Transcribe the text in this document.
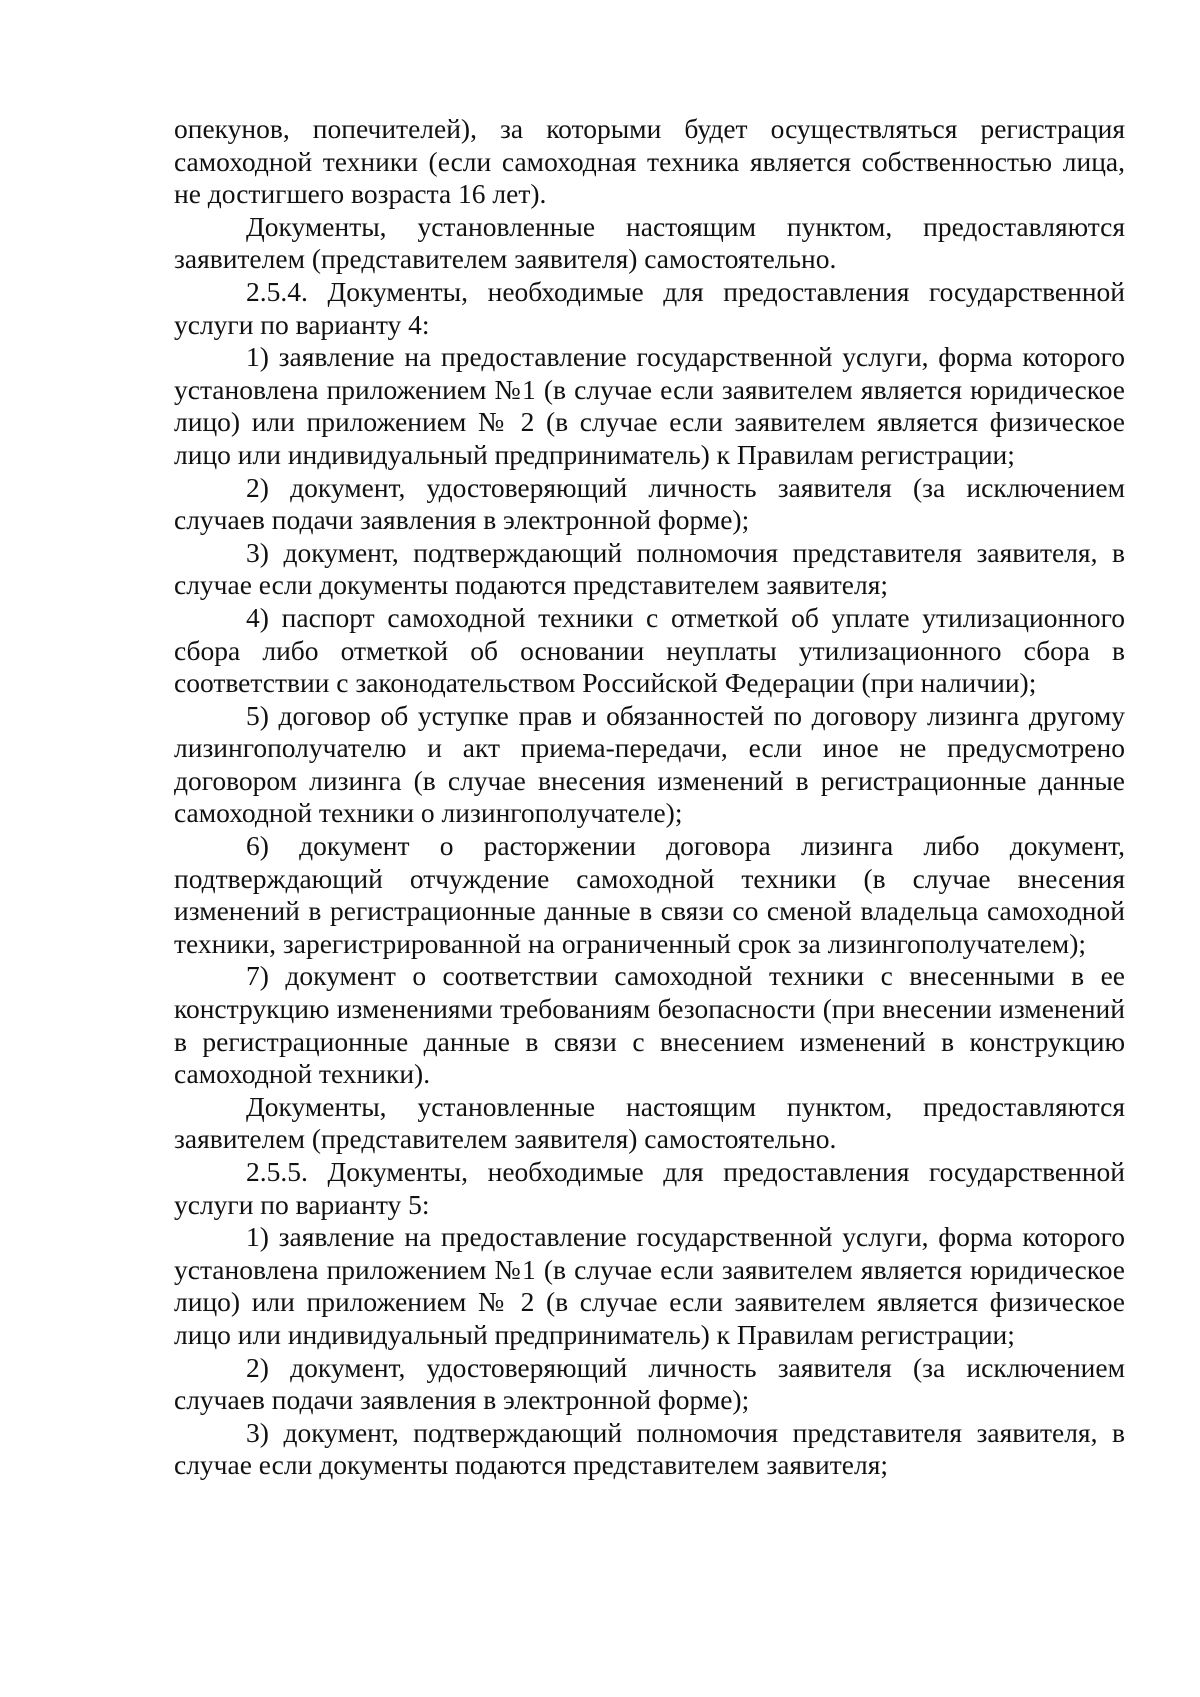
опекунов, попечителей), за которыми будет осуществляться регистрация самоходной техники (если самоходная техника является собственностью лица, не достигшего возраста 16 лет).

Документы, установленные настоящим пунктом, предоставляются заявителем (представителем заявителя) самостоятельно.

2.5.4. Документы, необходимые для предоставления государственной услуги по варианту 4:

1) заявление на предоставление государственной услуги, форма которого установлена приложением №1 (в случае если заявителем является юридическое лицо) или приложением № 2 (в случае если заявителем является физическое лицо или индивидуальный предприниматель) к Правилам регистрации;

2) документ, удостоверяющий личность заявителя (за исключением случаев подачи заявления в электронной форме);

3) документ, подтверждающий полномочия представителя заявителя, в случае если документы подаются представителем заявителя;

4) паспорт самоходной техники с отметкой об уплате утилизационного сбора либо отметкой об основании неуплаты утилизационного сбора в соответствии с законодательством Российской Федерации (при наличии);

5) договор об уступке прав и обязанностей по договору лизинга другому лизингополучателю и акт приема-передачи, если иное не предусмотрено договором лизинга (в случае внесения изменений в регистрационные данные самоходной техники о лизингополучателе);

6) документ о расторжении договора лизинга либо документ, подтверждающий отчуждение самоходной техники (в случае внесения изменений в регистрационные данные в связи со сменой владельца самоходной техники, зарегистрированной на ограниченный срок за лизингополучателем);

7) документ о соответствии самоходной техники с внесенными в ее конструкцию изменениями требованиям безопасности (при внесении изменений в регистрационные данные в связи с внесением изменений в конструкцию самоходной техники).

Документы, установленные настоящим пунктом, предоставляются заявителем (представителем заявителя) самостоятельно.

2.5.5. Документы, необходимые для предоставления государственной услуги по варианту 5:

1) заявление на предоставление государственной услуги, форма которого установлена приложением №1 (в случае если заявителем является юридическое лицо) или приложением № 2 (в случае если заявителем является физическое лицо или индивидуальный предприниматель) к Правилам регистрации;

2) документ, удостоверяющий личность заявителя (за исключением случаев подачи заявления в электронной форме);

3) документ, подтверждающий полномочия представителя заявителя, в случае если документы подаются представителем заявителя;
